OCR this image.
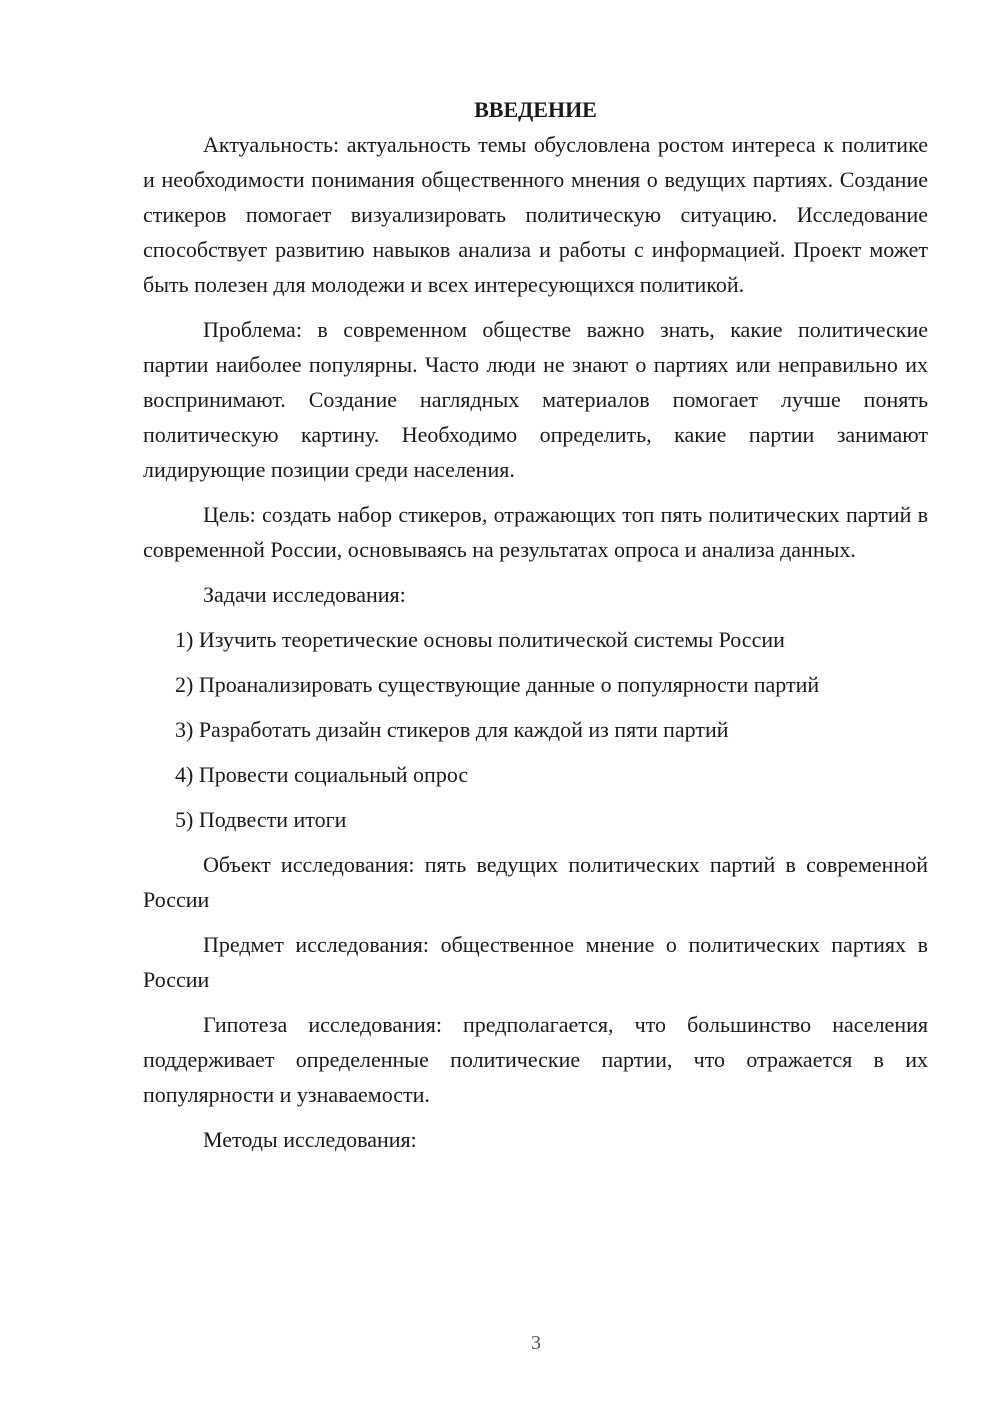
ВВЕДЕНИЕ

Актуальность: актуальность темы обусловлена ростом интереса к политике и необходимости понимания общественного мнения о ведущих партиях. Создание стикеров помогает визуализировать политическую ситуацию. Исследование способствует развитию навыков анализа и работы с информацией. Проект может быть полезен для молодежи и всех интересующихся политикой.

Проблема: в современном обществе важно знать, какие политические партии наиболее популярны. Часто люди не знают о партиях или неправильно их воспринимают. Создание наглядных материалов помогает лучше понять политическую картину. Необходимо определить, какие партии занимают лидирующие позиции среди населения.

Цель: создать набор стикеров, отражающих топ пять политических партий в современной России, основываясь на результатах опроса и анализа данных.

Задачи исследования:

1) Изучить теоретические основы политической системы России
2) Проанализировать существующие данные о популярности партий
3) Разработать дизайн стикеров для каждой из пяти партий
4) Провести социальный опрос
5) Подвести итоги

Объект исследования: пять ведущих политических партий в современной России

Предмет исследования: общественное мнение о политических партиях в России

Гипотеза исследования: предполагается, что большинство населения поддерживает определенные политические партии, что отражается в их популярности и узнаваемости.

Методы исследования:

3
